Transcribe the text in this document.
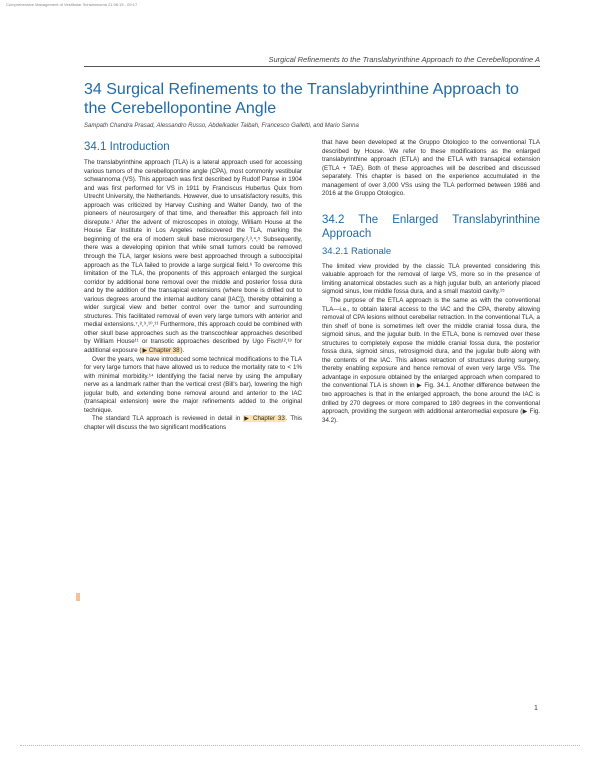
Comprehensive Management of Vestibular Schwannoma 21:06:15 - 09:17
Surgical Refinements to the Translabyrinthine Approach to the Cerebellopontine A
34 Surgical Refinements to the Translabyrinthine Approach to the Cerebellopontine Angle
Sampath Chandra Prasad, Alessandro Russo, Abdelkader Taibah, Francesco Galletti, and Mario Sanna
34.1 Introduction

The translabyrinthine approach (TLA) is a lateral approach used for accessing various tumors of the cerebellopontine angle (CPA), most commonly vestibular schwannoma (VS). This approach was first described by Rudolf Panse in 1904 and was first performed for VS in 1911 by Franciscus Hubertus Quix from Utrecht University, the Netherlands. However, due to unsatisfactory results, this approach was criticized by Harvey Cushing and Walter Dandy, two of the pioneers of neurosurgery of that time, and thereafter this approach fell into disrepute.¹ After the advent of microscopes in otology, William House at the House Ear Institute in Los Angeles rediscovered the TLA, marking the beginning of the era of modern skull base microsurgery.²,³,⁴,⁵ Subsequently, there was a developing opinion that while small tumors could be removed through the TLA, larger lesions were best approached through a suboccipital approach as the TLA failed to provide a large surgical field.⁶ To overcome this limitation of the TLA, the proponents of this approach enlarged the surgical corridor by additional bone removal over the middle and posterior fossa dura and by the addition of the transapical extensions (where bone is drilled out to various degrees around the internal auditory canal [IAC]), thereby obtaining a wider surgical view and better control over the tumor and surrounding structures. This facilitated removal of even very large tumors with anterior and medial extensions.⁷,⁸,⁹,¹⁰,¹¹ Furthermore, this approach could be combined with other skull base approaches such as the transcochlear approaches described by William House¹¹ or transotic approaches described by Ugo Fisch¹²,¹³ for additional exposure (▶ Chapter 38).

Over the years, we have introduced some technical modifications to the TLA for very large tumors that have allowed us to reduce the mortality rate to < 1% with minimal morbidity.¹⁴ Identifying the facial nerve by using the ampullary nerve as a landmark rather than the vertical crest (Bill's bar), lowering the high jugular bulb, and extending bone removal around and anterior to the IAC (transapical extension) were the major refinements added to the original technique.

The standard TLA approach is reviewed in detail in ▶ Chapter 33. This chapter will discuss the two significant modifications

that have been developed at the Gruppo Otologico to the conventional TLA described by House. We refer to these modifications as the enlarged translabyrinthine approach (ETLA) and the ETLA with transapical extension (ETLA + TAE). Both of these approaches will be described and discussed separately. This chapter is based on the experience accumulated in the management of over 3,000 VSs using the TLA performed between 1986 and 2016 at the Gruppo Otologico.

34.2 The Enlarged Translabyrinthine Approach
34.2.1 Rationale

The limited view provided by the classic TLA prevented considering this valuable approach for the removal of large VS, more so in the presence of limiting anatomical obstacles such as a high jugular bulb, an anteriorly placed sigmoid sinus, low middle fossa dura, and a small mastoid cavity.¹⁵

The purpose of the ETLA approach is the same as with the conventional TLA—i.e., to obtain lateral access to the IAC and the CPA, thereby allowing removal of CPA lesions without cerebellar retraction. In the conventional TLA, a thin shelf of bone is sometimes left over the middle cranial fossa dura, the sigmoid sinus, and the jugular bulb. In the ETLA, bone is removed over these structures to completely expose the middle cranial fossa dura, the posterior fossa dura, sigmoid sinus, retrosigmoid dura, and the jugular bulb along with the contents of the IAC. This allows retraction of structures during surgery, thereby enabling exposure and hence removal of even very large VSs. The advantage in exposure obtained by the enlarged approach when compared to the conventional TLA is shown in ▶ Fig. 34.1. Another difference between the two approaches is that in the enlarged approach, the bone around the IAC is drilled by 270 degrees or more compared to 180 degrees in the conventional approach, providing the surgeon with additional anteromedial exposure (▶ Fig. 34.2).

1
